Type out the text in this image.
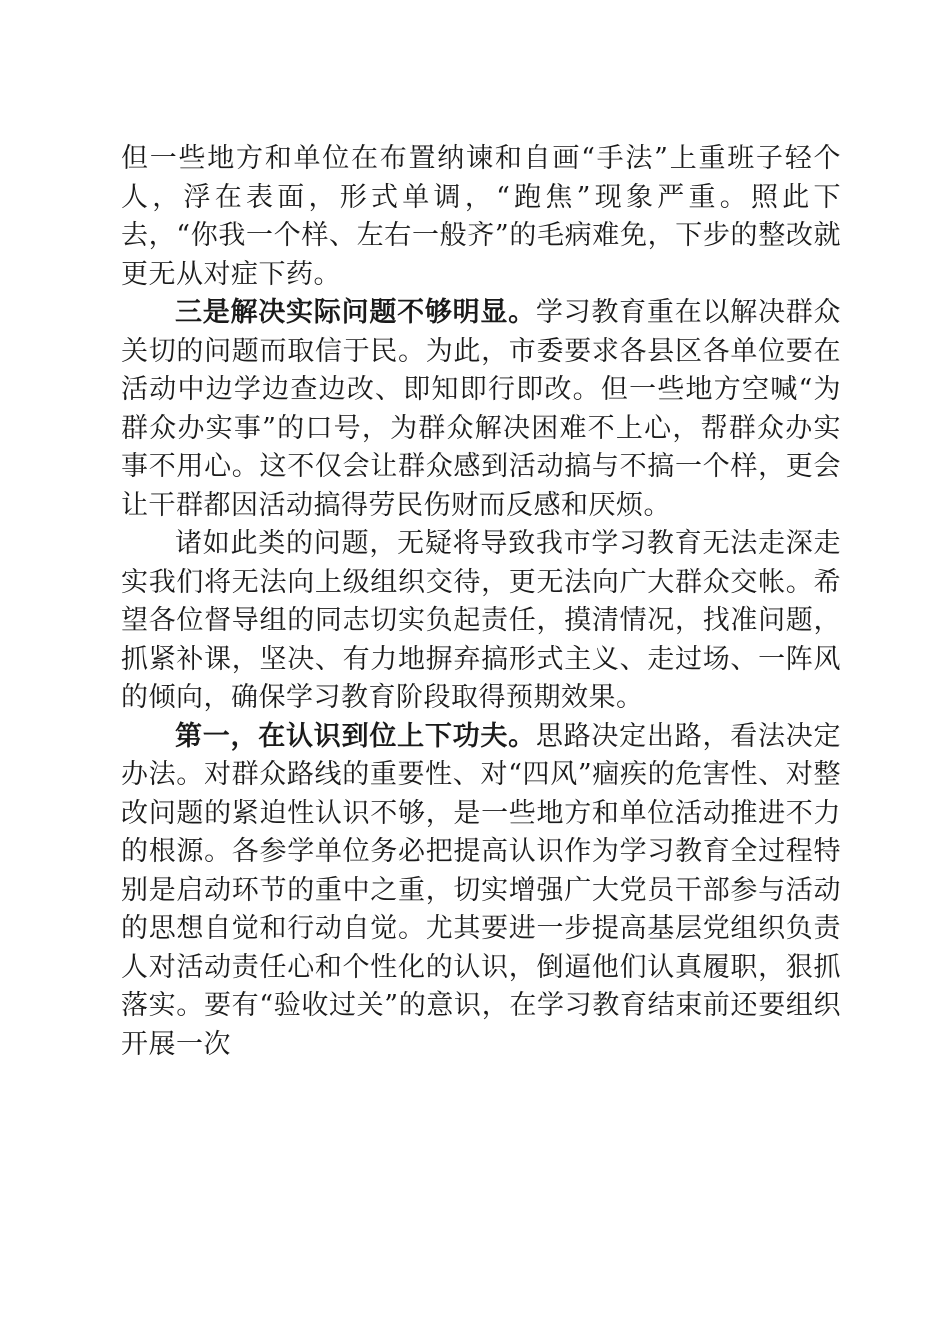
但一些地方和单位在布置纳谏和自画“手法”上重班子轻个人，浮在表面，形式单调，“跑焦”现象严重。照此下去，“你我一个样、左右一般齐”的毛病难免，下步的整改就更无从对症下药。

三是解决实际问题不够明显。学习教育重在以解决群众关切的问题而取信于民。为此，市委要求各县区各单位要在活动中边学边查边改、即知即行即改。但一些地方空喊“为群众办实事”的口号，为群众解决困难不上心，帮群众办实事不用心。这不仅会让群众感到活动搞与不搞一个样，更会让干群都因活动搞得劳民伤财而反感和厌烦。

诸如此类的问题，无疑将导致我市学习教育无法走深走实我们将无法向上级组织交待，更无法向广大群众交帐。希望各位督导组的同志切实负起责任，摸清情况，找准问题，抓紧补课，坚决、有力地摒弃搞形式主义、走过场、一阵风的倾向，确保学习教育阶段取得预期效果。

第一，在认识到位上下功夫。思路决定出路，看法决定办法。对群众路线的重要性、对“四风”痼疾的危害性、对整改问题的紧迫性认识不够，是一些地方和单位活动推进不力的根源。各参学单位务必把提高认识作为学习教育全过程特别是启动环节的重中之重，切实增强广大党员干部参与活动的思想自觉和行动自觉。尤其要进一步提高基层党组织负责人对活动责任心和个性化的认识，倒逼他们认真履职，狠抓落实。要有“验收过关”的意识，在学习教育结束前还要组织开展一次
